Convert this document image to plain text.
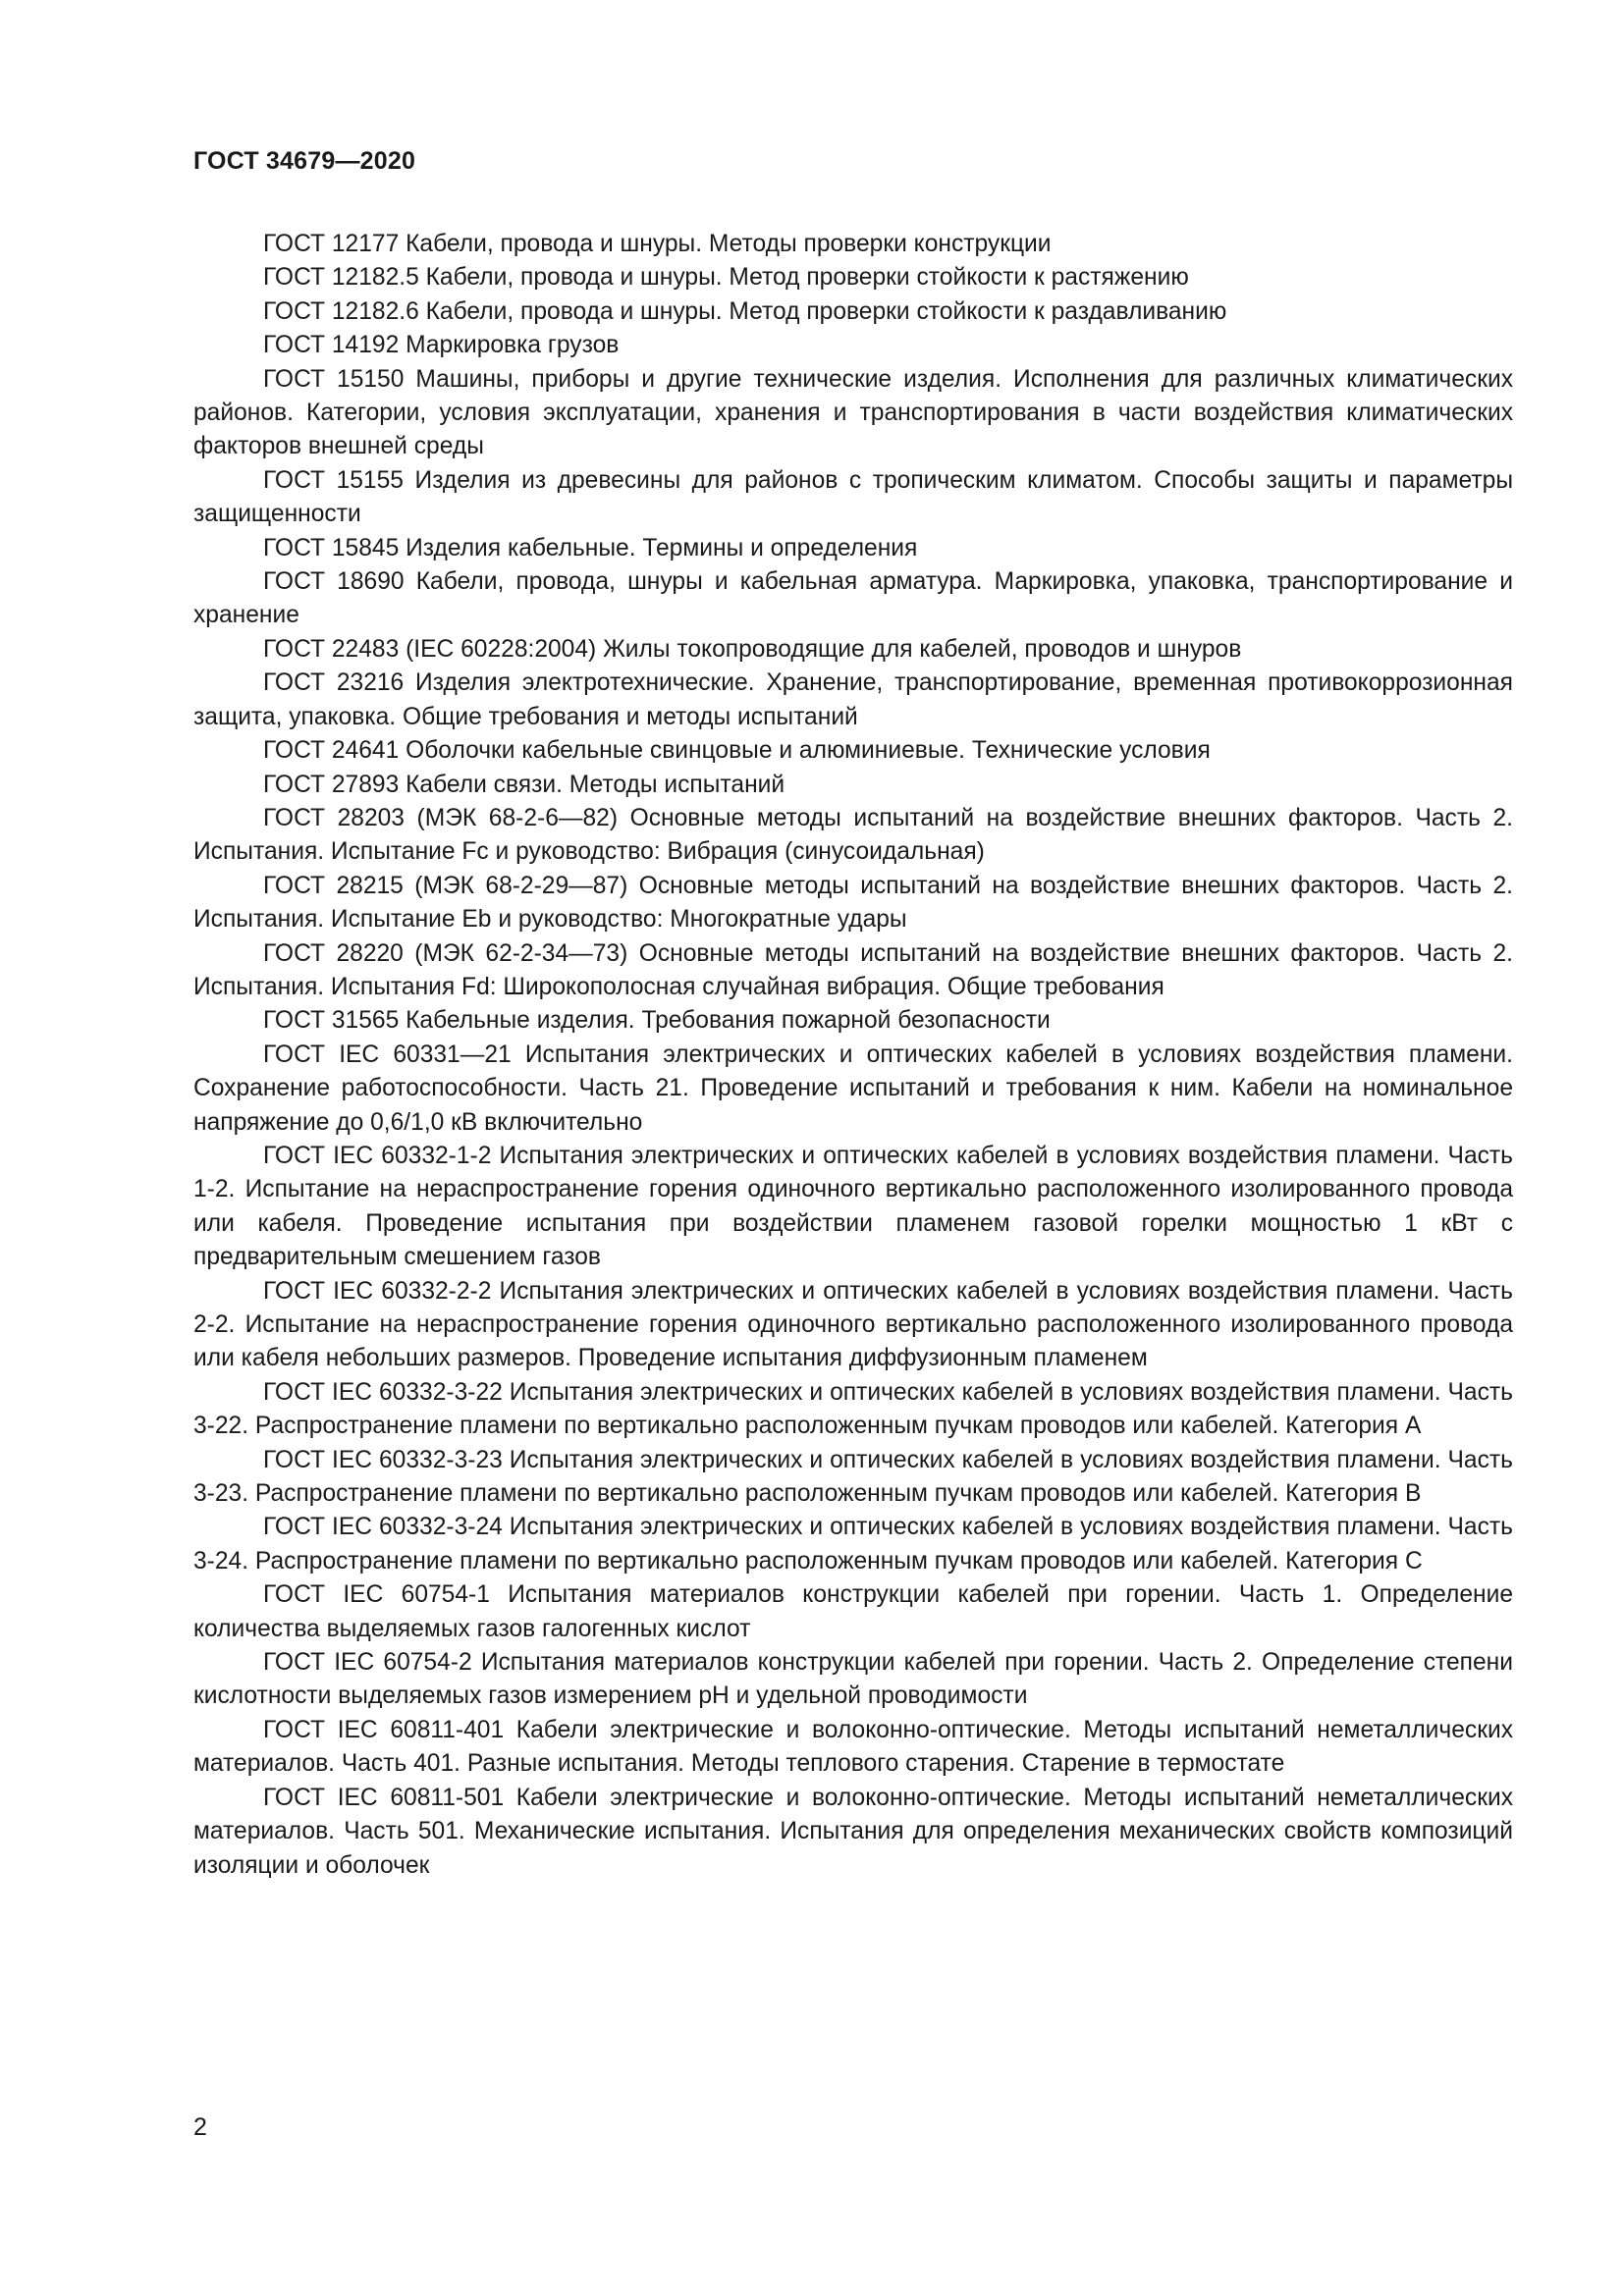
ГОСТ 34679—2020
ГОСТ 12177 Кабели, провода и шнуры. Методы проверки конструкции
ГОСТ 12182.5 Кабели, провода и шнуры. Метод проверки стойкости к растяжению
ГОСТ 12182.6 Кабели, провода и шнуры. Метод проверки стойкости к раздавливанию
ГОСТ 14192 Маркировка грузов
ГОСТ 15150 Машины, приборы и другие технические изделия. Исполнения для различных климатических районов. Категории, условия эксплуатации, хранения и транспортирования в части воздействия климатических факторов внешней среды
ГОСТ 15155 Изделия из древесины для районов с тропическим климатом. Способы защиты и параметры защищенности
ГОСТ 15845 Изделия кабельные. Термины и определения
ГОСТ 18690 Кабели, провода, шнуры и кабельная арматура. Маркировка, упаковка, транспортирование и хранение
ГОСТ 22483 (IEC 60228:2004) Жилы токопроводящие для кабелей, проводов и шнуров
ГОСТ 23216 Изделия электротехнические. Хранение, транспортирование, временная противокоррозионная защита, упаковка. Общие требования и методы испытаний
ГОСТ 24641 Оболочки кабельные свинцовые и алюминиевые. Технические условия
ГОСТ 27893 Кабели связи. Методы испытаний
ГОСТ 28203 (МЭК 68-2-6—82) Основные методы испытаний на воздействие внешних факторов. Часть 2. Испытания. Испытание Fc и руководство: Вибрация (синусоидальная)
ГОСТ 28215 (МЭК 68-2-29—87) Основные методы испытаний на воздействие внешних факторов. Часть 2. Испытания. Испытание Eb и руководство: Многократные удары
ГОСТ 28220 (МЭК 62-2-34—73) Основные методы испытаний на воздействие внешних факторов. Часть 2. Испытания. Испытания Fd: Широкополосная случайная вибрация. Общие требования
ГОСТ 31565 Кабельные изделия. Требования пожарной безопасности
ГОСТ IEC 60331—21 Испытания электрических и оптических кабелей в условиях воздействия пламени. Сохранение работоспособности. Часть 21. Проведение испытаний и требования к ним. Кабели на номинальное напряжение до 0,6/1,0 кВ включительно
ГОСТ IEC 60332-1-2 Испытания электрических и оптических кабелей в условиях воздействия пламени. Часть 1-2. Испытание на нераспространение горения одиночного вертикально расположенного изолированного провода или кабеля. Проведение испытания при воздействии пламенем газовой горелки мощностью 1 кВт с предварительным смешением газов
ГОСТ IEC 60332-2-2 Испытания электрических и оптических кабелей в условиях воздействия пламени. Часть 2-2. Испытание на нераспространение горения одиночного вертикально расположенного изолированного провода или кабеля небольших размеров. Проведение испытания диффузионным пламенем
ГОСТ IEC 60332-3-22 Испытания электрических и оптических кабелей в условиях воздействия пламени. Часть 3-22. Распространение пламени по вертикально расположенным пучкам проводов или кабелей. Категория А
ГОСТ IEC 60332-3-23 Испытания электрических и оптических кабелей в условиях воздействия пламени. Часть 3-23. Распространение пламени по вертикально расположенным пучкам проводов или кабелей. Категория В
ГОСТ IEC 60332-3-24 Испытания электрических и оптических кабелей в условиях воздействия пламени. Часть 3-24. Распространение пламени по вертикально расположенным пучкам проводов или кабелей. Категория С
ГОСТ IEC 60754-1 Испытания материалов конструкции кабелей при горении. Часть 1. Определение количества выделяемых газов галогенных кислот
ГОСТ IEC 60754-2 Испытания материалов конструкции кабелей при горении. Часть 2. Определение степени кислотности выделяемых газов измерением pH и удельной проводимости
ГОСТ IEC 60811-401 Кабели электрические и волоконно-оптические. Методы испытаний неметаллических материалов. Часть 401. Разные испытания. Методы теплового старения. Старение в термостате
ГОСТ IEC 60811-501 Кабели электрические и волоконно-оптические. Методы испытаний неметаллических материалов. Часть 501. Механические испытания. Испытания для определения механических свойств композиций изоляции и оболочек
2
